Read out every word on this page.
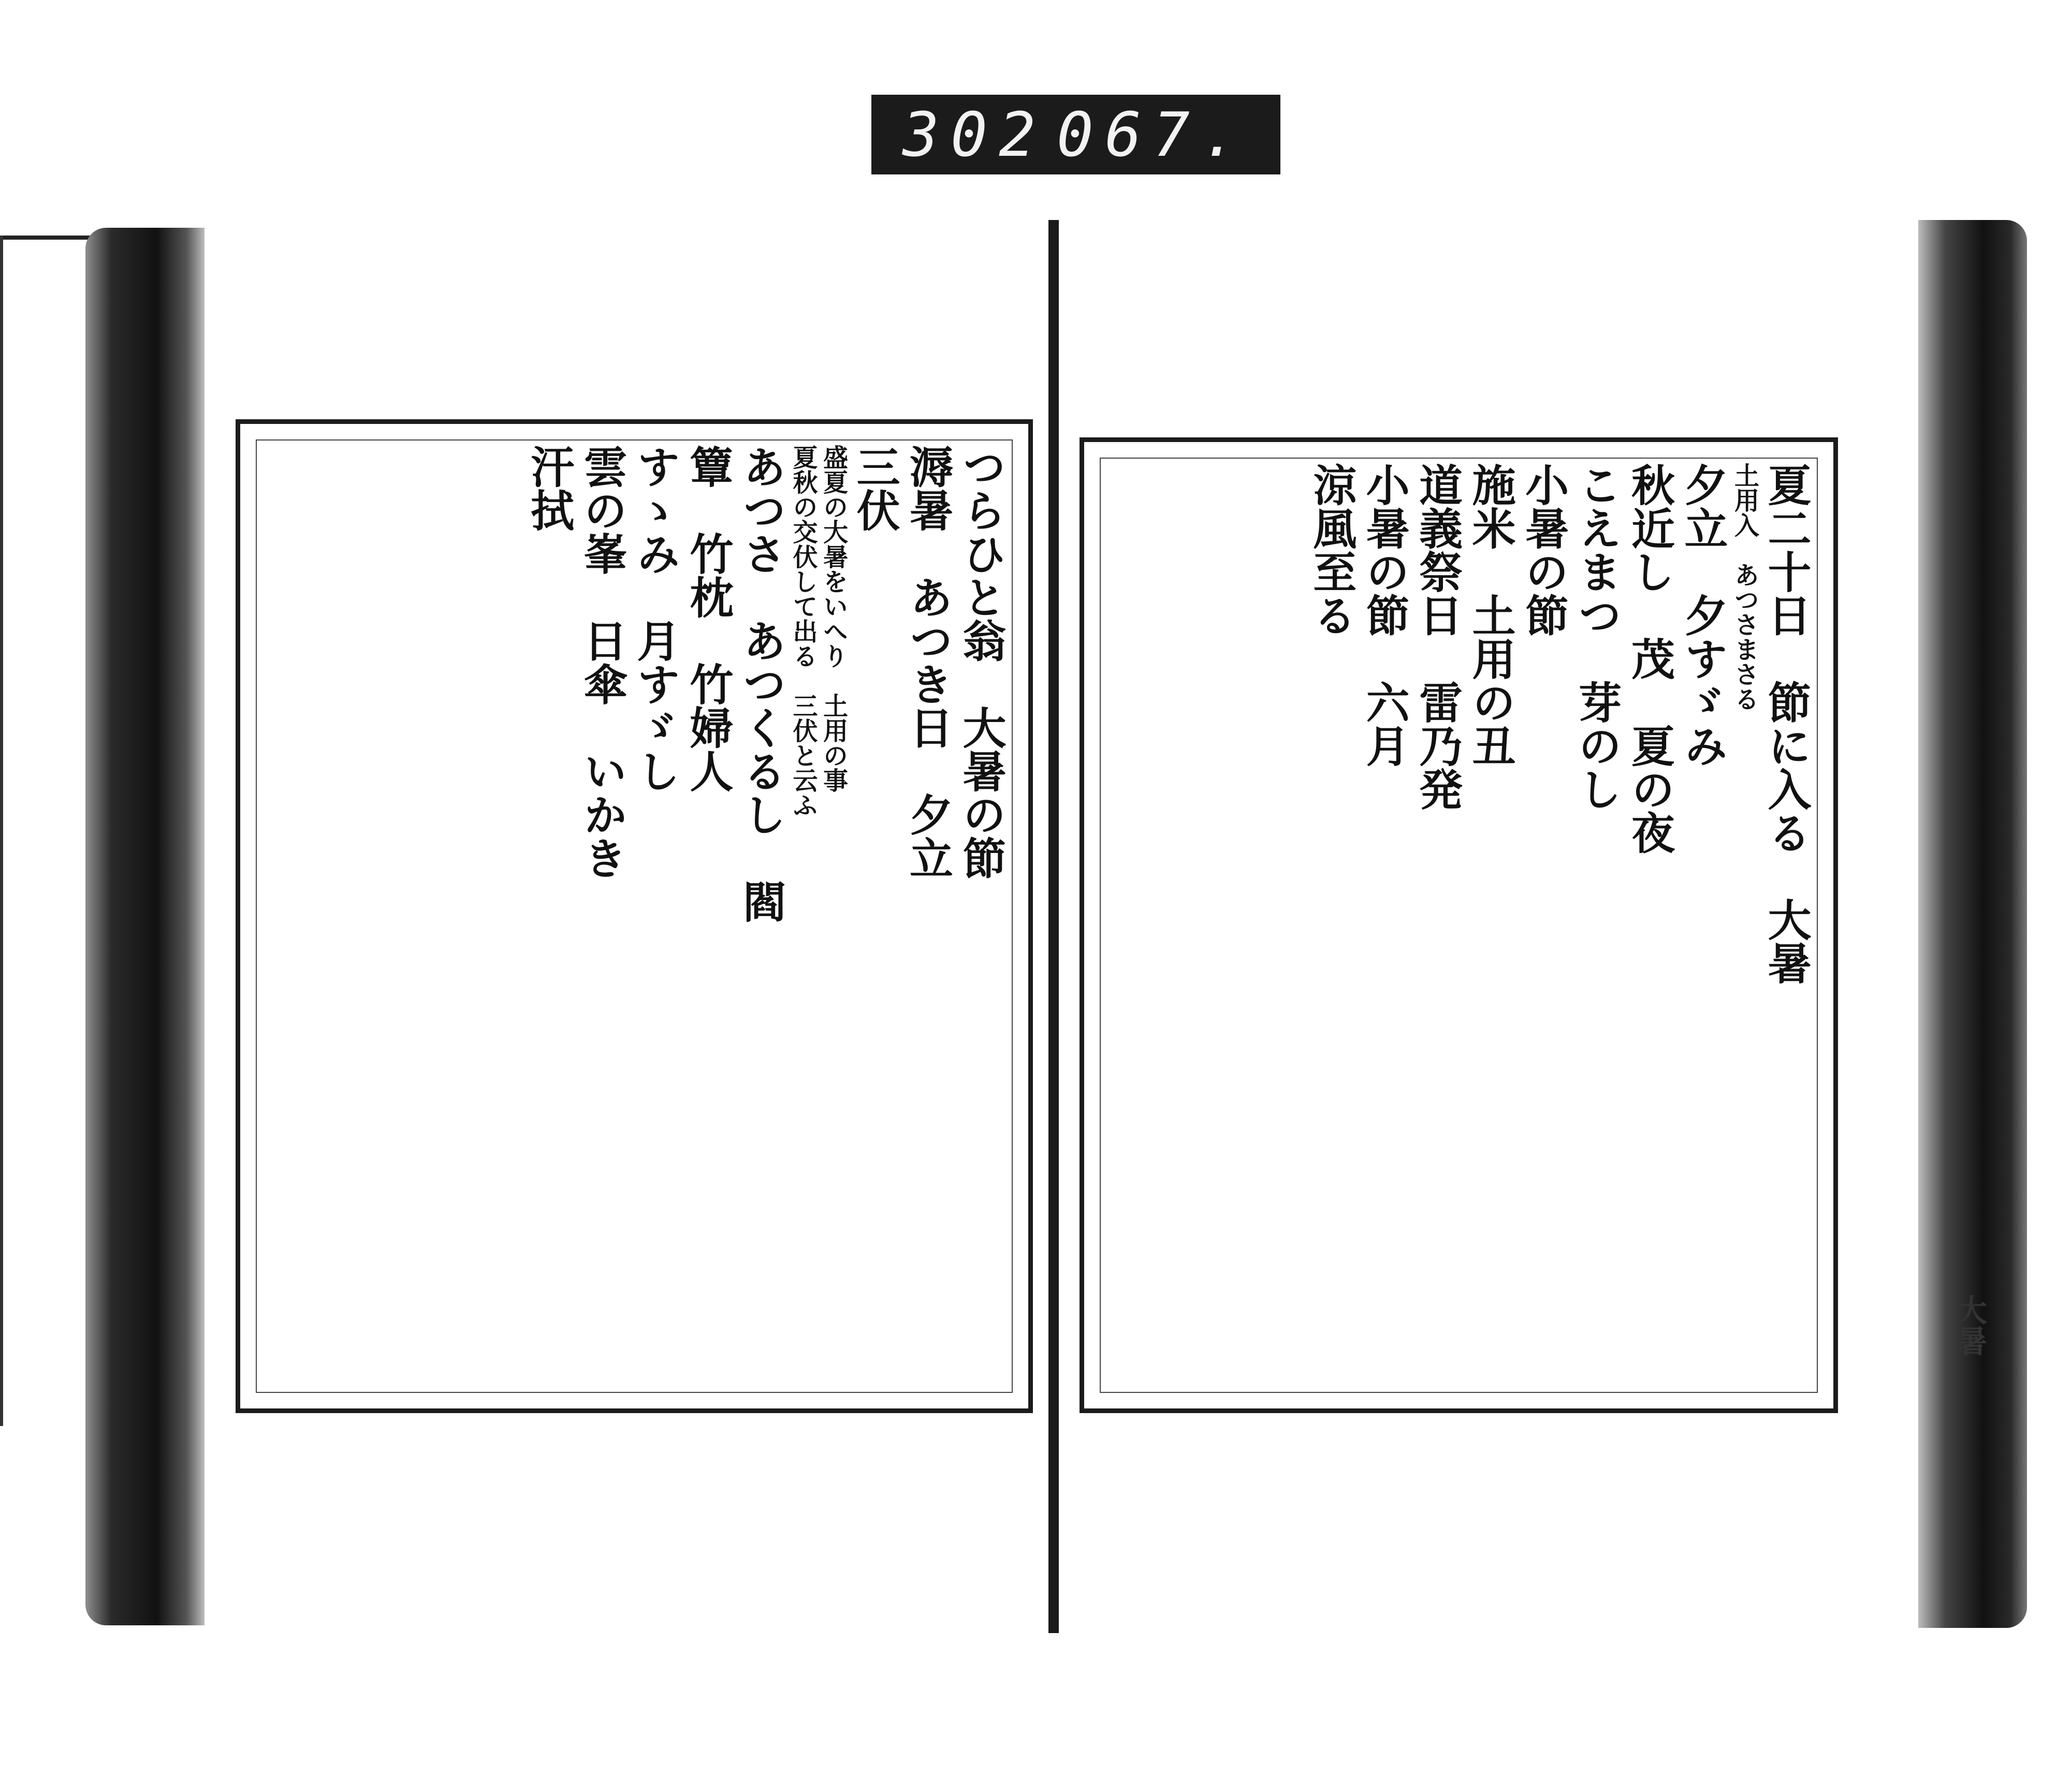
302 067.
つらひと翁　大暑の節
溽暑　あつき日　夕立
三伏
盛夏の大暑をいへり　土用の事
夏秋の交伏して出る　三伏と云ふ
あつさ　あつくるし　閻
簟　竹枕　竹婦人
すゝみ　月すゞし
雲の峯　日傘　いかき
汗拭	夏二十日　節に入る　大暑
土用入　あつさまさる
夕立　夕すゞみ
秋近し　茂　夏の夜
こえまつ　芽のし
小暑の節
施米　土用の丑
道義祭日　雷乃発
小暑の節　六月
涼風至る
大暑
